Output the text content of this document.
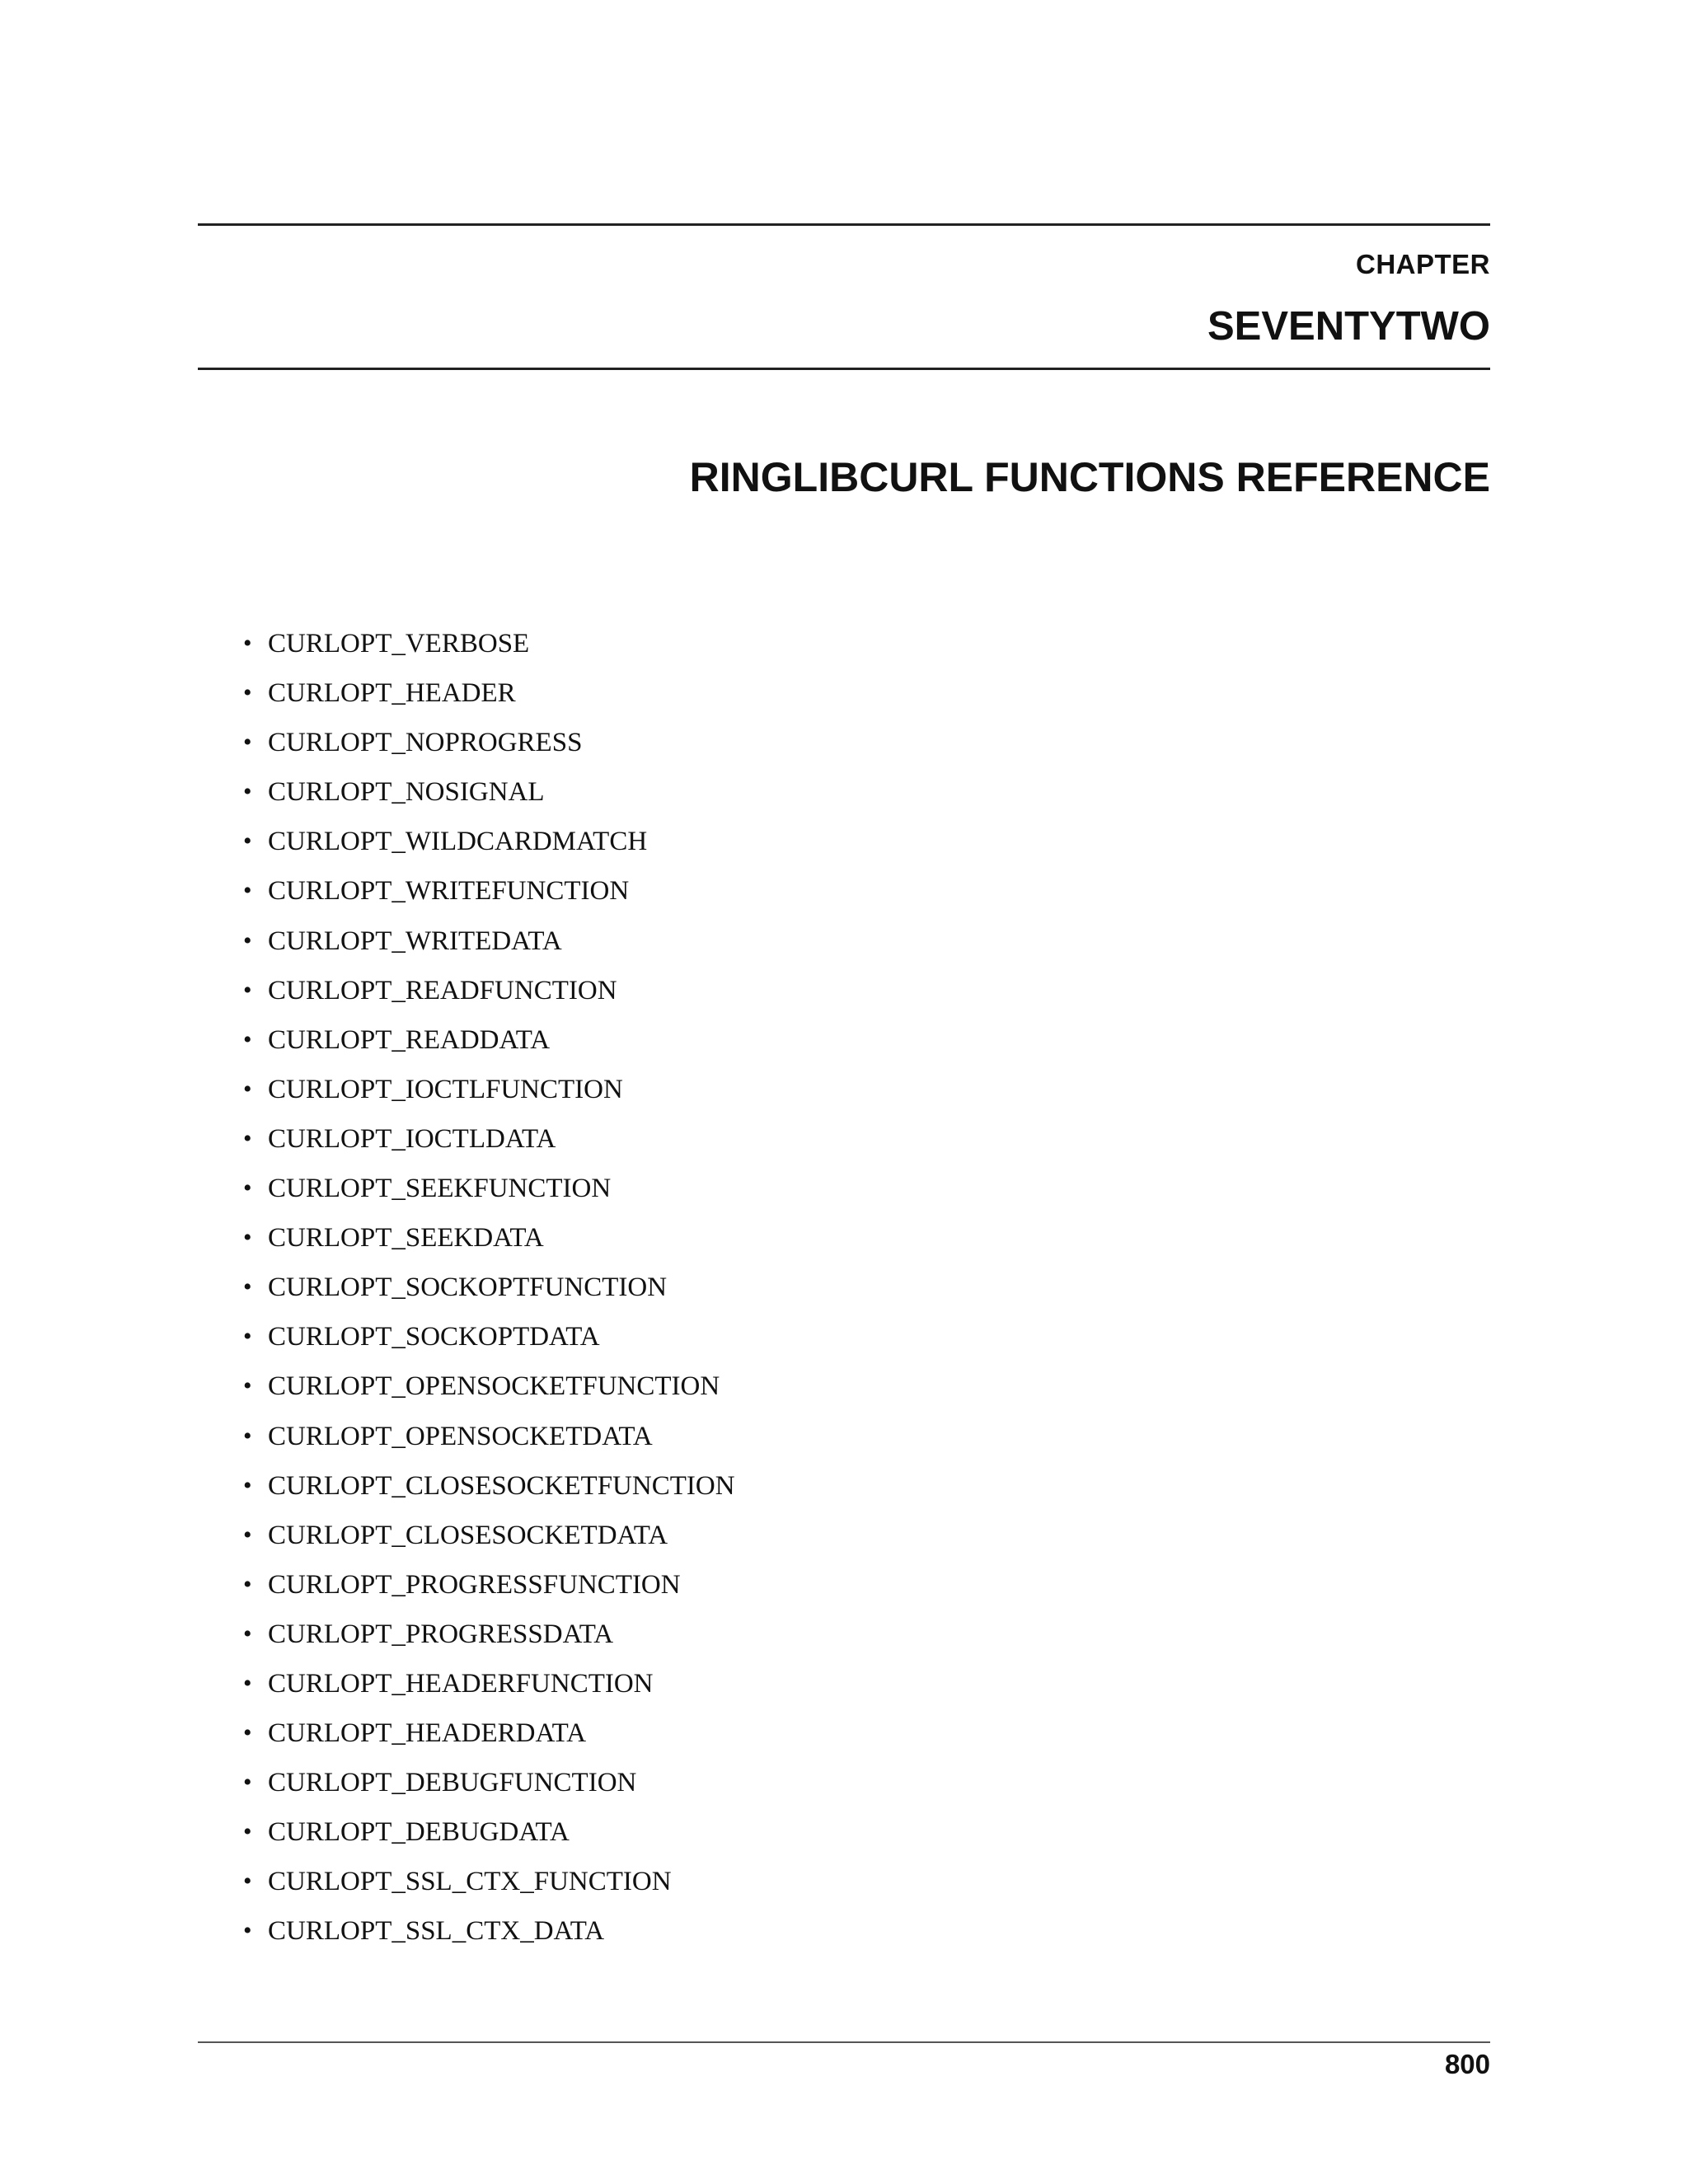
CHAPTER
SEVENTYTWO
RINGLIBCURL FUNCTIONS REFERENCE
• CURLOPT_VERBOSE
• CURLOPT_HEADER
• CURLOPT_NOPROGRESS
• CURLOPT_NOSIGNAL
• CURLOPT_WILDCARDMATCH
• CURLOPT_WRITEFUNCTION
• CURLOPT_WRITEDATA
• CURLOPT_READFUNCTION
• CURLOPT_READDATA
• CURLOPT_IOCTLFUNCTION
• CURLOPT_IOCTLDATA
• CURLOPT_SEEKFUNCTION
• CURLOPT_SEEKDATA
• CURLOPT_SOCKOPTFUNCTION
• CURLOPT_SOCKOPTDATA
• CURLOPT_OPENSOCKETFUNCTION
• CURLOPT_OPENSOCKETDATA
• CURLOPT_CLOSESOCKETFUNCTION
• CURLOPT_CLOSESOCKETDATA
• CURLOPT_PROGRESSFUNCTION
• CURLOPT_PROGRESSDATA
• CURLOPT_HEADERFUNCTION
• CURLOPT_HEADERDATA
• CURLOPT_DEBUGFUNCTION
• CURLOPT_DEBUGDATA
• CURLOPT_SSL_CTX_FUNCTION
• CURLOPT_SSL_CTX_DATA
800
